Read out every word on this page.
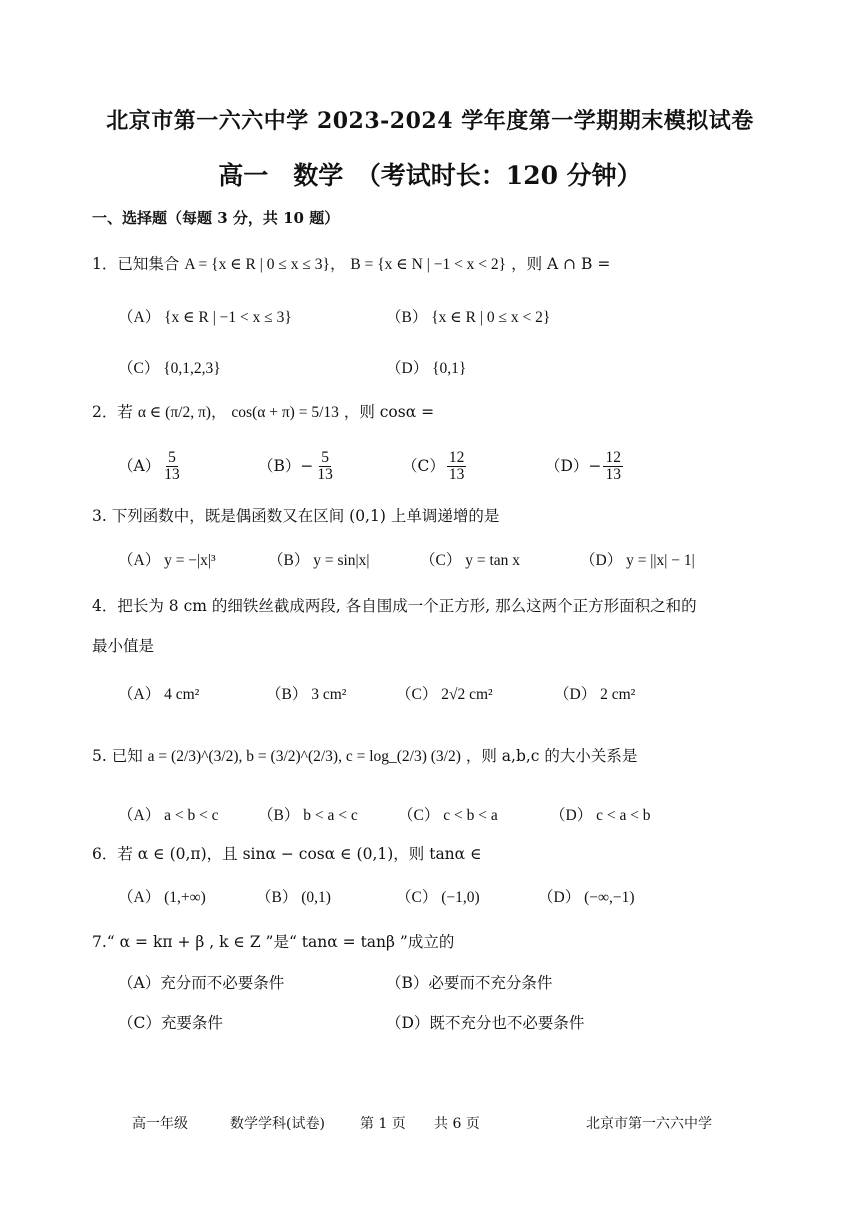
北京市第一六六中学 2023-2024 学年度第一学期期末模拟试卷
高一　数学　（考试时长：120 分钟）
一、选择题（每题 3 分，共 10 题）
1．已知集合 A = {x ∈ R | 0 ≤ x ≤ 3}， B = {x ∈ N | −1 < x < 2} ，则 A ∩ B =
（A） {x ∈ R | −1 < x ≤ 3}	（B） {x ∈ R | 0 ≤ x < 2}
（C） {0,1,2,3}	（D） {0,1}
2．若 α ∈ (π/2, π)， cos(α + π) = 5/13 ，则 cosα =
$(A) \frac{5}{13}$	$(B)- \frac{5}{13}$	$(C) \frac{12}{13}$	$(D)- \frac{12}{13}$
3. 下列函数中，既是偶函数又在区间 (0,1) 上单调递增的是
（A） y = −|x|³	（B） y = sin|x|	（C） y = tan x	（D） y = ||x| − 1|
4．把长为 8 cm 的细铁丝截成两段, 各自围成一个正方形, 那么这两个正方形面积之和的
最小值是
（A） 4 cm²	（B） 3 cm²	（C） 2√2 cm²	（D） 2 cm²
5. 已知 a = (2/3)^(3/2), b = (3/2)^(2/3), c = log_(2/3) (3/2) ，则 a,b,c 的大小关系是
（A） a < b < c	（B） b < a < c	（C） c < b < a	（D） c < a < b
6．若 α ∈ (0,π)，且 sinα − cosα ∈ (0,1)，则 tanα ∈
（A） (1,+∞)	（B） (0,1)	（C） (−1,0)	（D） (−∞,−1)
7.“ α = kπ + β , k ∈ Z ”是“ tanα = tanβ ”成立的
（A）充分而不必要条件	（B）必要而不充分条件
（C）充要条件	（D）既不充分也不必要条件
高一年级	数学学科(试卷)	第 1 页 共 6 页	北京市第一六六中学
